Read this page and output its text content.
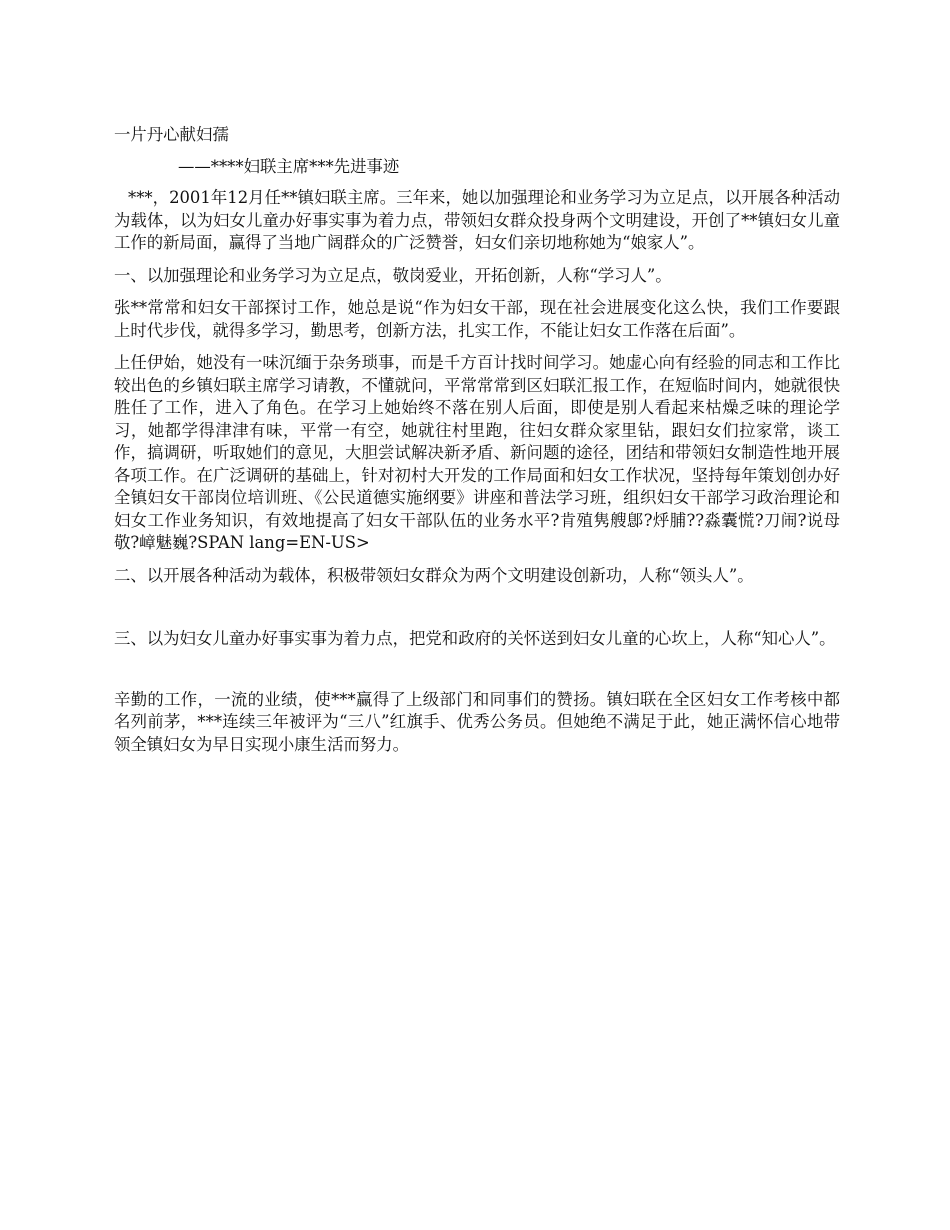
一片丹心献妇孺

——****妇联主席***先进事迹

***，2001年12月任**镇妇联主席。三年来，她以加强理论和业务学习为立足点，以开展各种活动为载体，以为妇女儿童办好事实事为着力点，带领妇女群众投身两个文明建设，开创了**镇妇女儿童工作的新局面，赢得了当地广阔群众的广泛赞誉，妇女们亲切地称她为“娘家人”。

一、以加强理论和业务学习为立足点，敬岗爱业，开拓创新，人称“学习人”。

张**常常和妇女干部探讨工作，她总是说“作为妇女干部，现在社会进展变化这么快，我们工作要跟上时代步伐，就得多学习，勤思考，创新方法，扎实工作，不能让妇女工作落在后面”。

上任伊始，她没有一味沉缅于杂务琐事，而是千方百计找时间学习。她虚心向有经验的同志和工作比较出色的乡镇妇联主席学习请教，不懂就问，平常常常到区妇联汇报工作，在短临时间内，她就很快胜任了工作，进入了角色。在学习上她始终不落在别人后面，即使是别人看起来枯燥乏味的理论学习，她都学得津津有味，平常一有空，她就往村里跑，往妇女群众家里钻，跟妇女们拉家常，谈工作，搞调研，听取她们的意见，大胆尝试解决新矛盾、新问题的途径，团结和带领妇女制造性地开展各项工作。在广泛调研的基础上，针对初村大开发的工作局面和妇女工作状况，坚持每年策划创办好全镇妇女干部岗位培训班、《公民道德实施纲要》讲座和普法学习班，组织妇女干部学习政治理论和妇女工作业务知识，有效地提高了妇女干部队伍的业务水平?肯殖隽艘鄎?烀脯??淼囊慌?刀闹?说母敬?嶂魅巍?SPAN lang=EN-US>

二、以开展各种活动为载体，积极带领妇女群众为两个文明建设创新功，人称“领头人”。

三、以为妇女儿童办好事实事为着力点，把党和政府的关怀送到妇女儿童的心坎上，人称“知心人”。

辛勤的工作，一流的业绩，使***赢得了上级部门和同事们的赞扬。镇妇联在全区妇女工作考核中都名列前茅，***连续三年被评为“三八”红旗手、优秀公务员。但她绝不满足于此，她正满怀信心地带领全镇妇女为早日实现小康生活而努力。
